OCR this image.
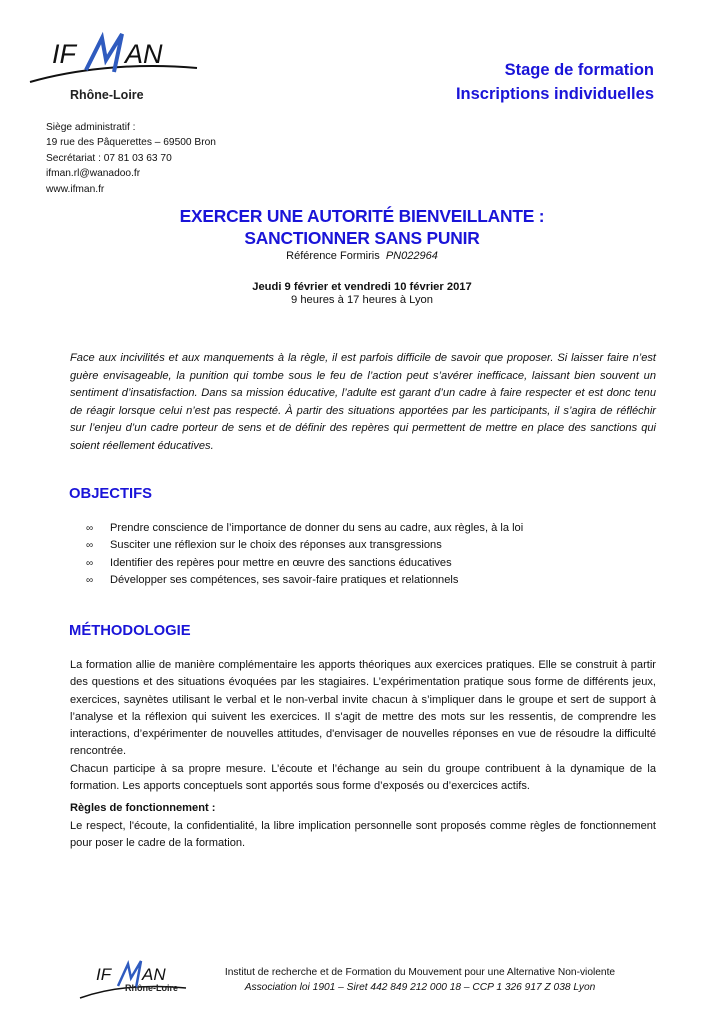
IF AN
Rhône-Loire
Stage de formation
Inscriptions individuelles
Siège administratif :
19 rue des Pâquerettes – 69500 Bron
Secrétariat : 07 81 03 63 70
ifman.rl@wanadoo.fr
www.ifman.fr
EXERCER UNE AUTORITÉ BIENVEILLANTE :
SANCTIONNER SANS PUNIR
Référence Formiris PN022964
Jeudi 9 février et vendredi 10 février 2017
9 heures à 17 heures à Lyon
Face aux incivilités et aux manquements à la règle, il est parfois difficile de savoir que proposer. Si laisser faire n’est guère envisageable, la punition qui tombe sous le feu de l’action peut s’avérer inefficace, laissant bien souvent un sentiment d’insatisfaction. Dans sa mission éducative, l’adulte est garant d’un cadre à faire respecter et est donc tenu de réagir lorsque celui n’est pas respecté. À partir des situations apportées par les participants, il s’agira de réfléchir sur l’enjeu d’un cadre porteur de sens et de définir des repères qui permettent de mettre en place des sanctions qui soient réellement éducatives.
OBJECTIFS
∞	Prendre conscience de l’importance de donner du sens au cadre, aux règles, à la loi
∞	Susciter une réflexion sur le choix des réponses aux transgressions
∞	Identifier des repères pour mettre en œuvre des sanctions éducatives
∞	Développer ses compétences, ses savoir-faire pratiques et relationnels
MÉTHODOLOGIE

La formation allie de manière complémentaire les apports théoriques aux exercices pratiques. Elle se construit à partir des questions et des situations évoquées par les stagiaires. L’expérimentation pratique sous forme de différents jeux, exercices, saynètes utilisant le verbal et le non-verbal invite chacun à s’impliquer dans le groupe et sert de support à l’analyse et la réflexion qui suivent les exercices. Il s'agit de mettre des mots sur les ressentis, de comprendre les interactions, d’expérimenter de nouvelles attitudes, d'envisager de nouvelles réponses en vue de résoudre la difficulté rencontrée.

Chacun participe à sa propre mesure. L’écoute et l’échange au sein du groupe contribuent à la dynamique de la formation. Les apports conceptuels sont apportés sous forme d’exposés ou d’exercices actifs.

Règles de fonctionnement :
Le respect, l'écoute, la confidentialité, la libre implication personnelle sont proposés comme règles de fonctionnement pour poser le cadre de la formation.
IF AN
Rhône-Loire
Institut de recherche et de Formation du Mouvement pour une Alternative Non-violente
Association loi 1901 – Siret 442 849 212 000 18 – CCP 1 326 917 Z 038 Lyon
